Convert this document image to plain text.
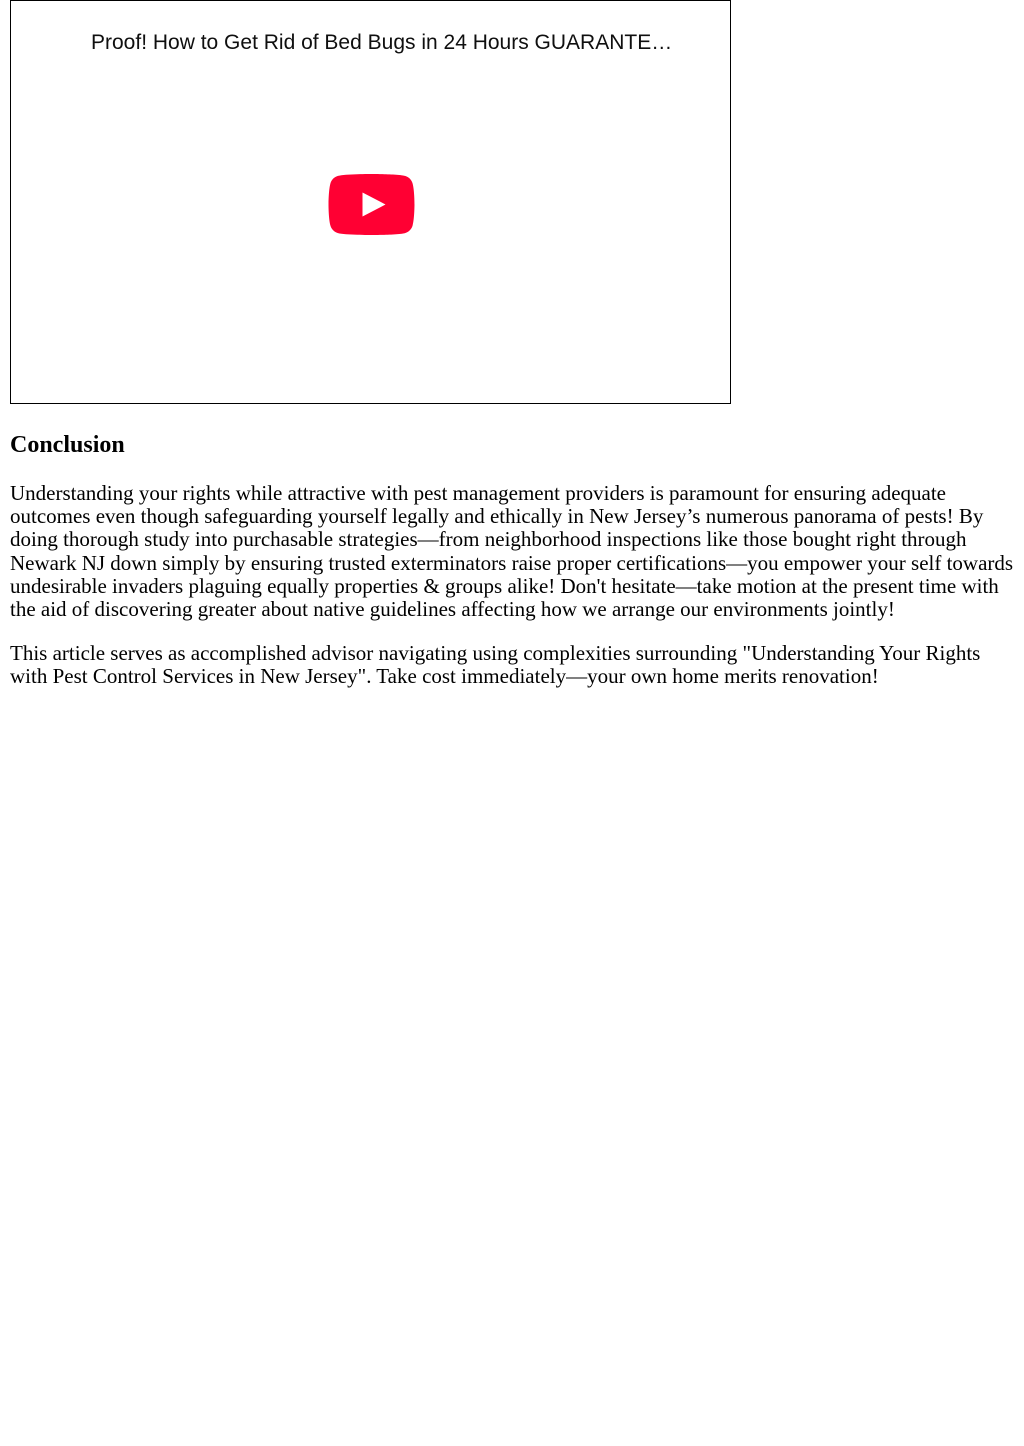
Proof! How to Get Rid of Bed Bugs in 24 Hours GUARANTE…
Conclusion

Understanding your rights while attractive with pest management providers is paramount for ensuring adequate outcomes even though safeguarding yourself legally and ethically in New Jersey’s numerous panorama of pests! By doing thorough study into purchasable strategies—from neighborhood inspections like those bought right through Newark NJ down simply by ensuring trusted exterminators raise proper certifications—you empower your self towards undesirable invaders plaguing equally properties & groups alike! Don't hesitate—take motion at the present time with the aid of discovering greater about native guidelines affecting how we arrange our environments jointly!

This article serves as accomplished advisor navigating using complexities surrounding "Understanding Your Rights with Pest Control Services in New Jersey". Take cost immediately—your own home merits renovation!
